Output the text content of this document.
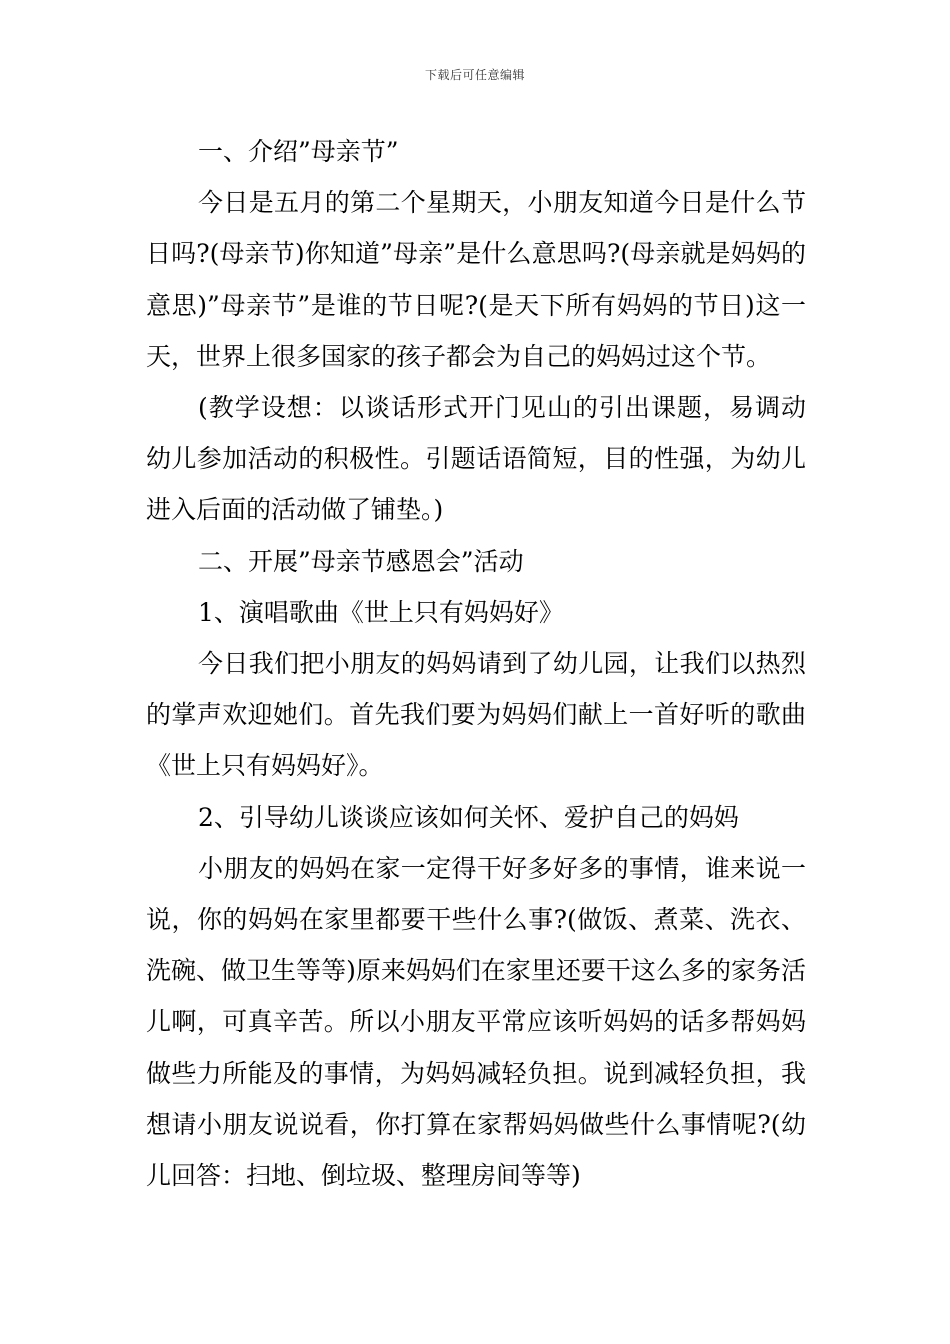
下载后可任意编辑

一、介绍”母亲节”

今日是五月的第二个星期天，小朋友知道今日是什么节日吗?(母亲节)你知道”母亲”是什么意思吗?(母亲就是妈妈的意思)”母亲节”是谁的节日呢?(是天下所有妈妈的节日)这一天，世界上很多国家的孩子都会为自己的妈妈过这个节。

(教学设想：以谈话形式开门见山的引出课题，易调动幼儿参加活动的积极性。引题话语简短，目的性强，为幼儿进入后面的活动做了铺垫。)

二、开展”母亲节感恩会”活动

1、演唱歌曲《世上只有妈妈好》

今日我们把小朋友的妈妈请到了幼儿园，让我们以热烈的掌声欢迎她们。首先我们要为妈妈们献上一首好听的歌曲《世上只有妈妈好》。

2、引导幼儿谈谈应该如何关怀、爱护自己的妈妈

小朋友的妈妈在家一定得干好多好多的事情，谁来说一说，你的妈妈在家里都要干些什么事?(做饭、煮菜、洗衣、洗碗、做卫生等等)原来妈妈们在家里还要干这么多的家务活儿啊，可真辛苦。所以小朋友平常应该听妈妈的话多帮妈妈做些力所能及的事情，为妈妈减轻负担。说到减轻负担，我想请小朋友说说看，你打算在家帮妈妈做些什么事情呢?(幼儿回答：扫地、倒垃圾、整理房间等等)
